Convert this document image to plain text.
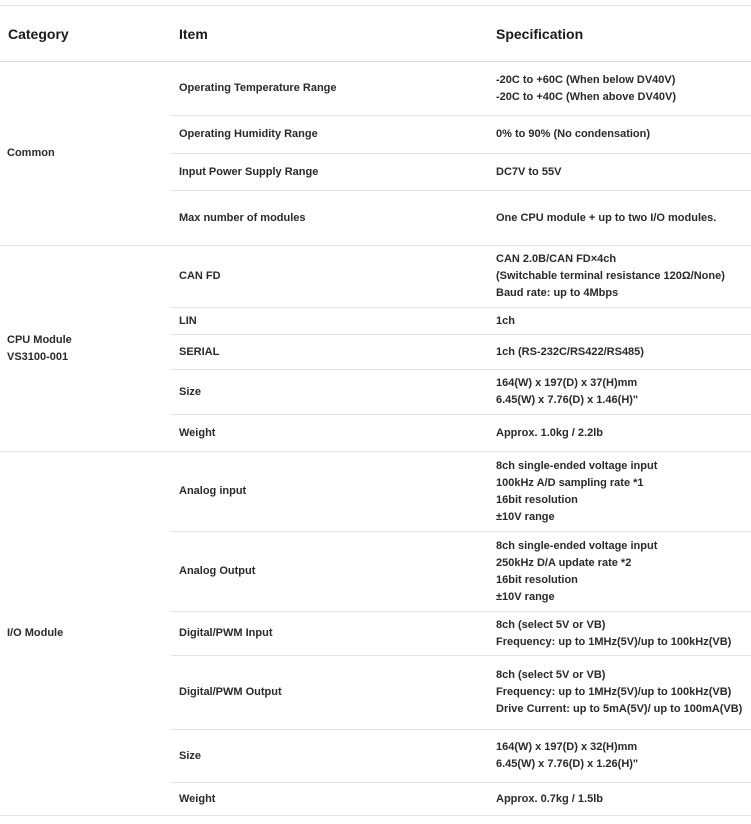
Category	Item	Specification

Common	Operating Temperature Range	-20C to +60C (When below DV40V)
-20C to +40C (When above DV40V)

	Operating Humidity Range	0% to 90% (No condensation)

	Input Power Supply Range	DC7V to 55V

	Max number of modules	One CPU module + up to two I/O modules.

CPU Module
VS3100-001	CAN FD	CAN 2.0B/CAN FD×4ch
(Switchable terminal resistance 120Ω/None)
Baud rate: up to 4Mbps

	LIN	1ch

	SERIAL	1ch (RS-232C/RS422/RS485)

	Size	164(W) x 197(D) x 37(H)mm
6.45(W) x 7.76(D) x 1.46(H)"

	Weight	Approx. 1.0kg / 2.2lb

I/O Module	Analog input	8ch single-ended voltage input
100kHz A/D sampling rate *1
16bit resolution
±10V range

	Analog Output	8ch single-ended voltage input
250kHz D/A update rate *2
16bit resolution
±10V range

	Digital/PWM Input	8ch (select 5V or VB)
Frequency: up to 1MHz(5V)/up to 100kHz(VB)

	Digital/PWM Output	8ch (select 5V or VB)
Frequency: up to 1MHz(5V)/up to 100kHz(VB)
Drive Current: up to 5mA(5V)/ up to 100mA(VB)

	Size	164(W) x 197(D) x 32(H)mm
6.45(W) x 7.76(D) x 1.26(H)"

	Weight	Approx. 0.7kg / 1.5lb
